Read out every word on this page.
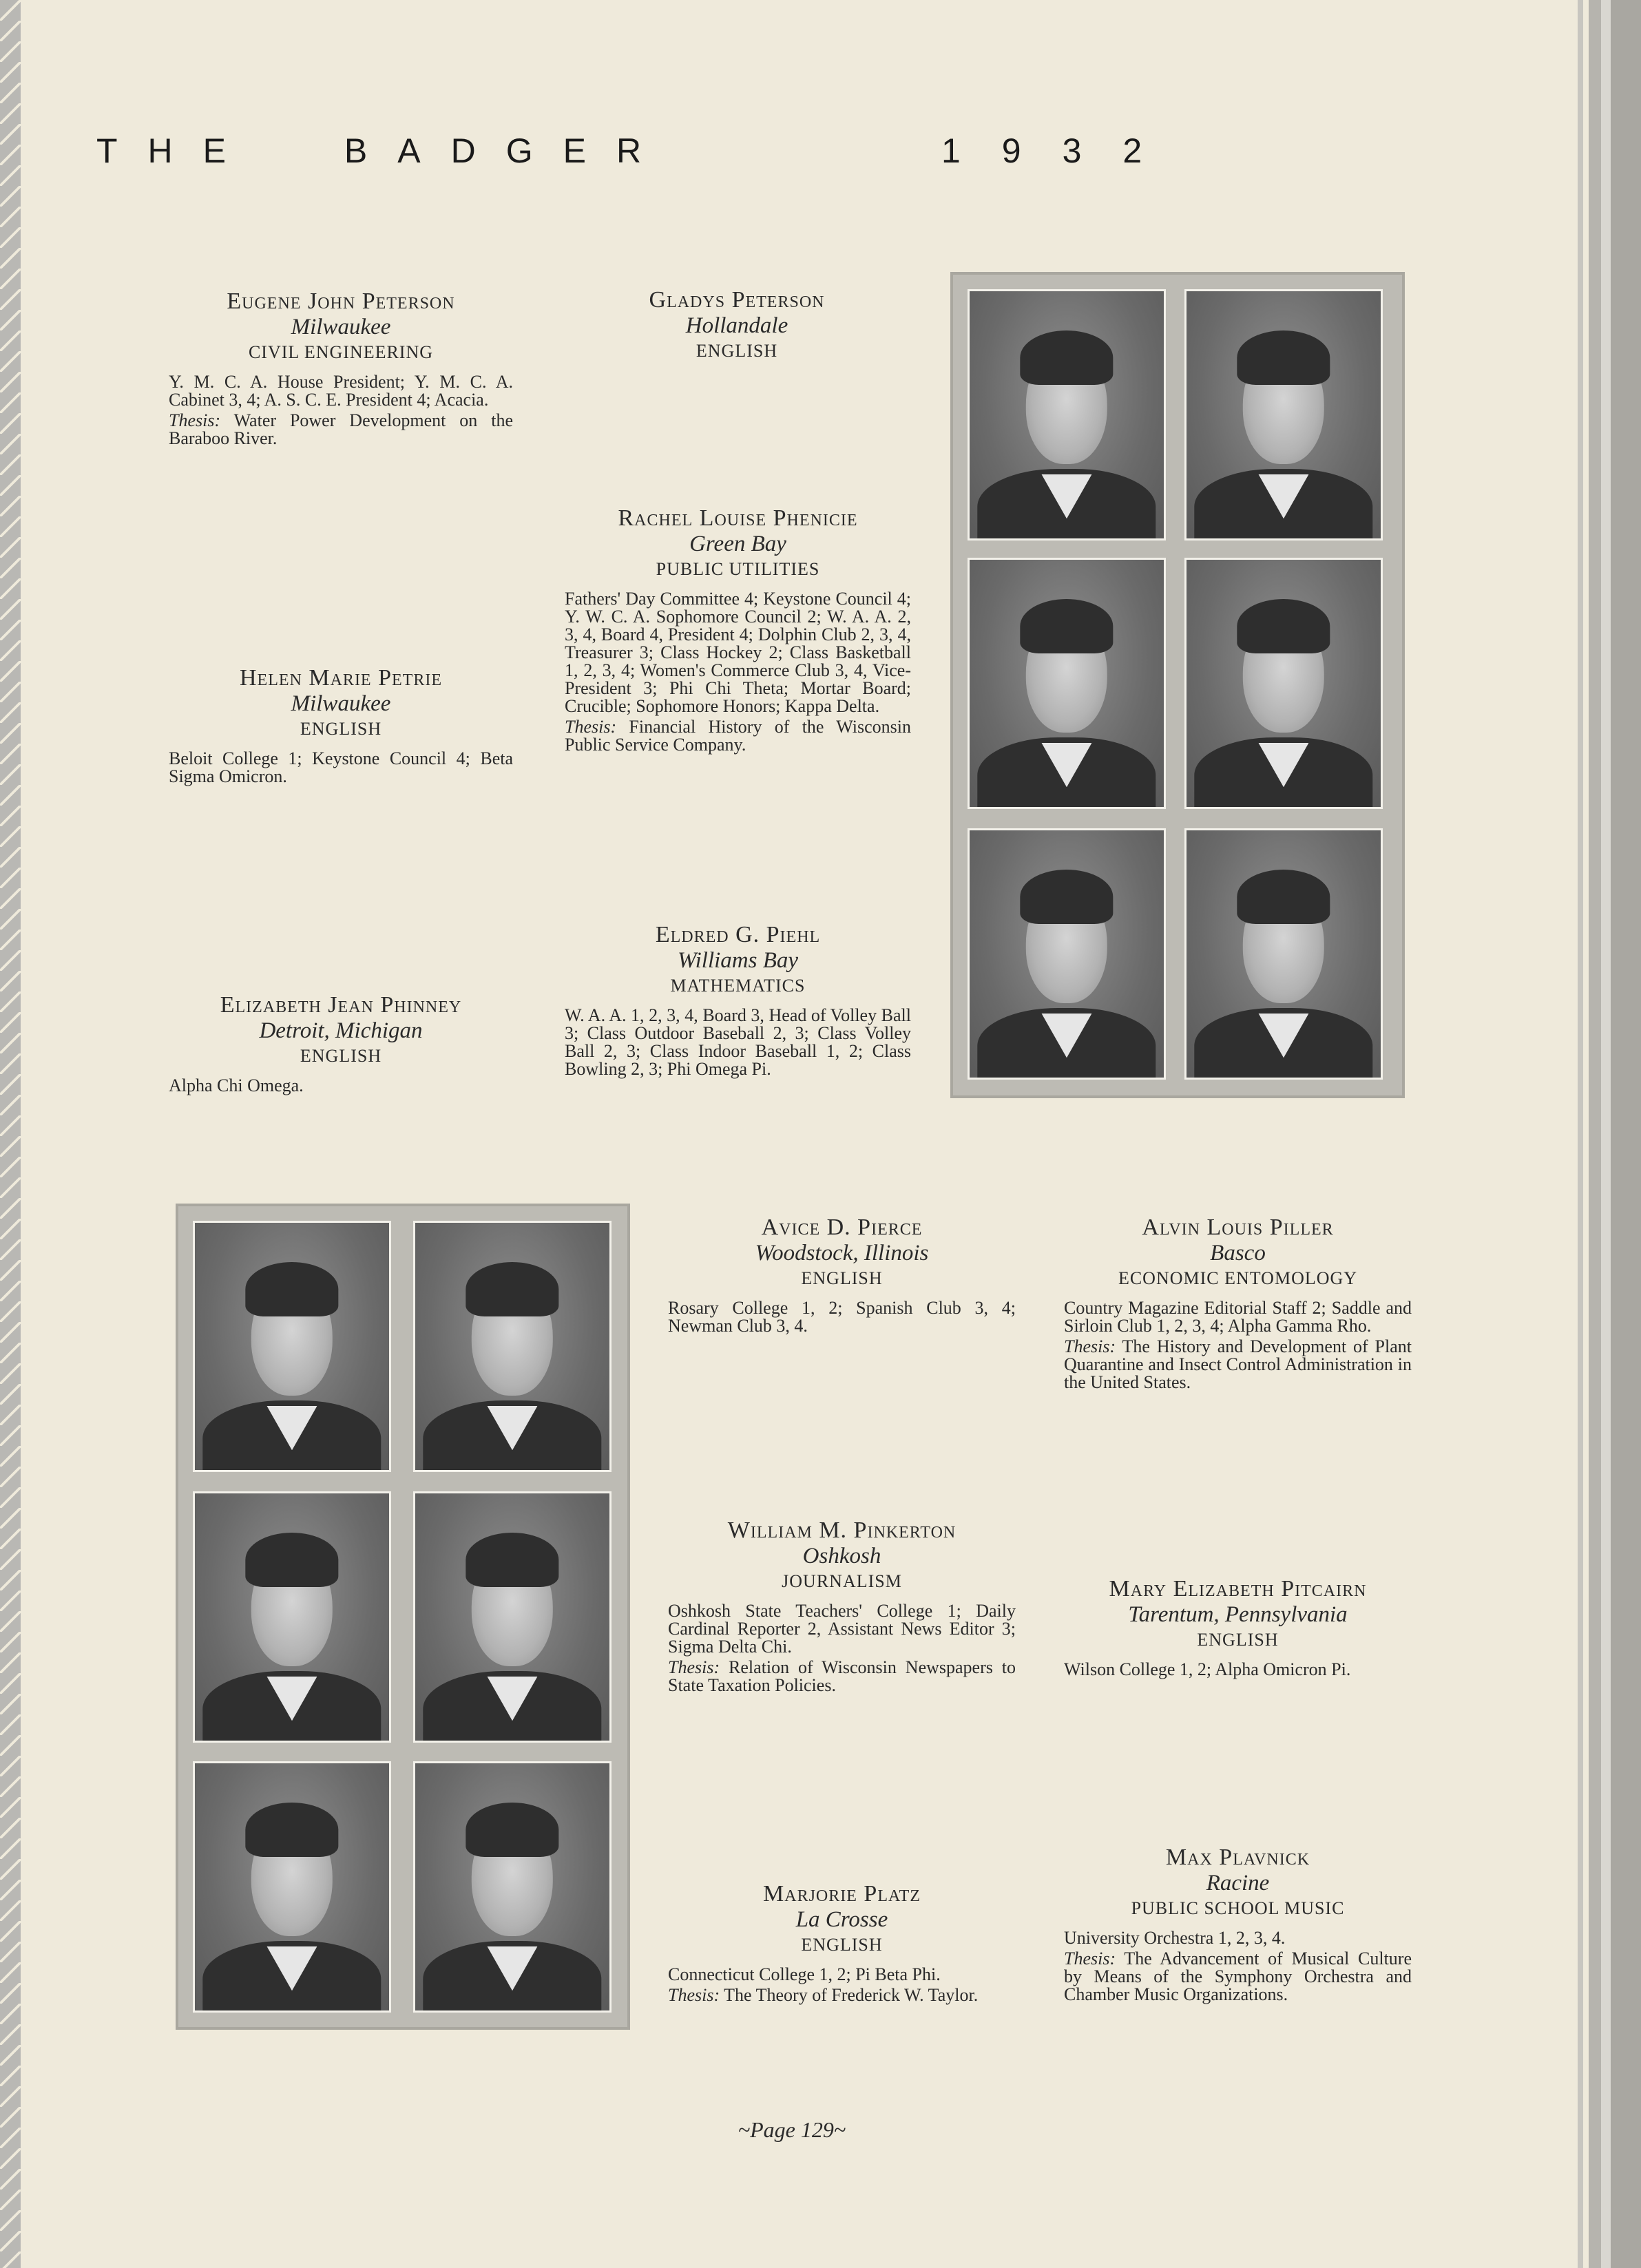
THE BADGER	1932
Eugene John Peterson
Milwaukee
CIVIL ENGINEERING
Y. M. C. A. House President; Y. M. C. A. Cabinet 3, 4; A. S. C. E. President 4; Acacia.
Thesis: Water Power Development on the Baraboo River.
Gladys Peterson
Hollandale
ENGLISH
Rachel Louise Phenicie
Green Bay
PUBLIC UTILITIES
Fathers' Day Committee 4; Keystone Council 4; Y. W. C. A. Sophomore Council 2; W. A. A. 2, 3, 4, Board 4, President 4; Dolphin Club 2, 3, 4, Treasurer 3; Class Hockey 2; Class Basketball 1, 2, 3, 4; Women's Commerce Club 3, 4, Vice-President 3; Phi Chi Theta; Mortar Board; Crucible; Sophomore Honors; Kappa Delta.
Thesis: Financial History of the Wisconsin Public Service Company.
Helen Marie Petrie
Milwaukee
ENGLISH
Beloit College 1; Keystone Council 4; Beta Sigma Omicron.
Eldred G. Piehl
Williams Bay
MATHEMATICS
W. A. A. 1, 2, 3, 4, Board 3, Head of Volley Ball 3; Class Outdoor Baseball 2, 3; Class Volley Ball 2, 3; Class Indoor Baseball 1, 2; Class Bowling 2, 3; Phi Omega Pi.
Elizabeth Jean Phinney
Detroit, Michigan
ENGLISH
Alpha Chi Omega.
Avice D. Pierce
Woodstock, Illinois
ENGLISH
Rosary College 1, 2; Spanish Club 3, 4; Newman Club 3, 4.
Alvin Louis Piller
Basco
ECONOMIC ENTOMOLOGY
Country Magazine Editorial Staff 2; Saddle and Sirloin Club 1, 2, 3, 4; Alpha Gamma Rho.
Thesis: The History and Development of Plant Quarantine and Insect Control Administration in the United States.
William M. Pinkerton
Oshkosh
JOURNALISM
Oshkosh State Teachers' College 1; Daily Cardinal Reporter 2, Assistant News Editor 3; Sigma Delta Chi.
Thesis: Relation of Wisconsin Newspapers to State Taxation Policies.
Mary Elizabeth Pitcairn
Tarentum, Pennsylvania
ENGLISH
Wilson College 1, 2; Alpha Omicron Pi.
Max Plavnick
Racine
PUBLIC SCHOOL MUSIC
University Orchestra 1, 2, 3, 4.
Thesis: The Advancement of Musical Culture by Means of the Symphony Orchestra and Chamber Music Organizations.
Marjorie Platz
La Crosse
ENGLISH
Connecticut College 1, 2; Pi Beta Phi.
Thesis: The Theory of Frederick W. Taylor.
~Page 129~
